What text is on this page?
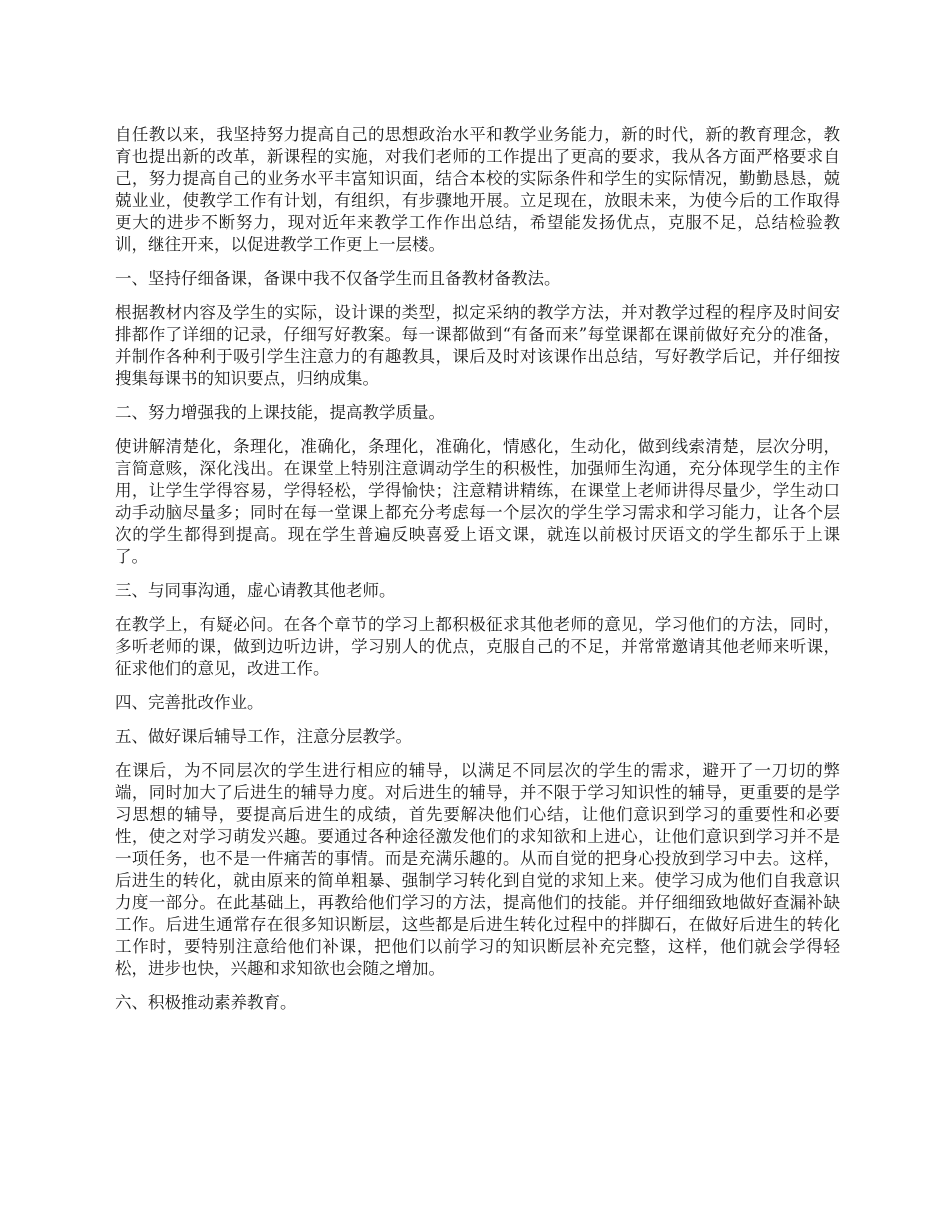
自任教以来，我坚持努力提高自己的思想政治水平和教学业务能力，新的时代，新的教育理念，教育也提出新的改革，新课程的实施，对我们老师的工作提出了更高的要求，我从各方面严格要求自己，努力提高自己的业务水平丰富知识面，结合本校的实际条件和学生的实际情况，勤勤恳恳，兢兢业业，使教学工作有计划，有组织，有步骤地开展。立足现在，放眼未来，为使今后的工作取得更大的进步不断努力，现对近年来教学工作作出总结，希望能发扬优点，克服不足，总结检验教训，继往开来，以促进教学工作更上一层楼。

一、坚持仔细备课，备课中我不仅备学生而且备教材备教法。

根据教材内容及学生的实际，设计课的类型，拟定采纳的教学方法，并对教学过程的程序及时间安排都作了详细的记录，仔细写好教案。每一课都做到“有备而来”每堂课都在课前做好充分的准备，并制作各种利于吸引学生注意力的有趣教具，课后及时对该课作出总结，写好教学后记，并仔细按搜集每课书的知识要点，归纳成集。

二、努力增强我的上课技能，提高教学质量。

使讲解清楚化，条理化，准确化，条理化，准确化，情感化，生动化，做到线索清楚，层次分明，言简意赅，深化浅出。在课堂上特别注意调动学生的积极性，加强师生沟通，充分体现学生的主作用，让学生学得容易，学得轻松，学得愉快；注意精讲精练，在课堂上老师讲得尽量少，学生动口动手动脑尽量多；同时在每一堂课上都充分考虑每一个层次的学生学习需求和学习能力，让各个层次的学生都得到提高。现在学生普遍反映喜爱上语文课，就连以前极讨厌语文的学生都乐于上课了。

三、与同事沟通，虚心请教其他老师。

在教学上，有疑必问。在各个章节的学习上都积极征求其他老师的意见，学习他们的方法，同时，多听老师的课，做到边听边讲，学习别人的优点，克服自己的不足，并常常邀请其他老师来听课，征求他们的意见，改进工作。

四、完善批改作业。

五、做好课后辅导工作，注意分层教学。

在课后，为不同层次的学生进行相应的辅导，以满足不同层次的学生的需求，避开了一刀切的弊端，同时加大了后进生的辅导力度。对后进生的辅导，并不限于学习知识性的辅导，更重要的是学习思想的辅导，要提高后进生的成绩，首先要解决他们心结，让他们意识到学习的重要性和必要性，使之对学习萌发兴趣。要通过各种途径激发他们的求知欲和上进心，让他们意识到学习并不是一项任务，也不是一件痛苦的事情。而是充满乐趣的。从而自觉的把身心投放到学习中去。这样，后进生的转化，就由原来的简单粗暴、强制学习转化到自觉的求知上来。使学习成为他们自我意识力度一部分。在此基础上，再教给他们学习的方法，提高他们的技能。并仔细细致地做好查漏补缺工作。后进生通常存在很多知识断层，这些都是后进生转化过程中的拌脚石，在做好后进生的转化工作时，要特别注意给他们补课，把他们以前学习的知识断层补充完整，这样，他们就会学得轻松，进步也快，兴趣和求知欲也会随之增加。

六、积极推动素养教育。
